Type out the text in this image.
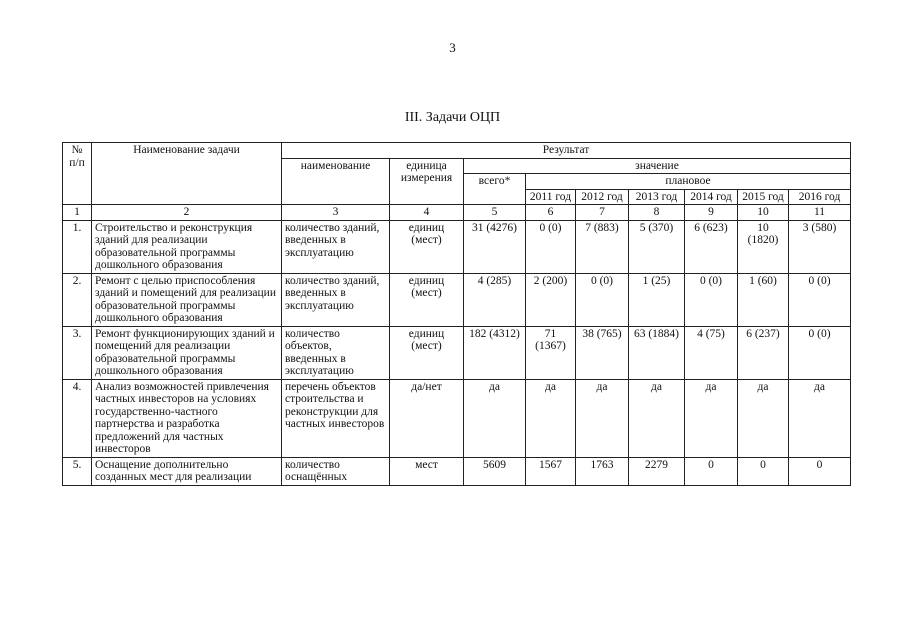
3
III. Задачи ОЦП
№ п/п	Наименование задачи	Результат								
		наименование	единица измерения	значение						
				всего*	плановое					
					2011 год	2012 год	2013 год	2014 год	2015 год	2016 год

1	2	3	4	5	6	7	8	9	10	11
1.	Строительство и реконструкция зданий для реализации образовательной программы дошкольного образования	количество зданий, введенных в эксплуатацию	единиц (мест)	31 (4276)	0 (0)	7 (883)	5 (370)	6 (623)	10 (1820)	3 (580)
2.	Ремонт с целью приспособления зданий и помещений для реализации образовательной программы дошкольного образования	количество зданий, введенных в эксплуатацию	единиц (мест)	4 (285)	2 (200)	0 (0)	1 (25)	0 (0)	1 (60)	0 (0)
3.	Ремонт функционирующих зданий и помещений для реализации образовательной программы дошкольного образования	количество объектов, введенных в эксплуатацию	единиц (мест)	182 (4312)	71 (1367)	38 (765)	63 (1884)	4 (75)	6 (237)	0 (0)
4.	Анализ возможностей привлечения частных инвесторов на условиях государственно-частного партнерства и разработка предложений для частных инвесторов	перечень объектов строительства и реконструкции для частных инвесторов	да/нет	да	да	да	да	да	да	да
5.	Оснащение дополнительно созданных мест для реализации	количество оснащённых	мест	5609	1567	1763	2279	0	0	0
